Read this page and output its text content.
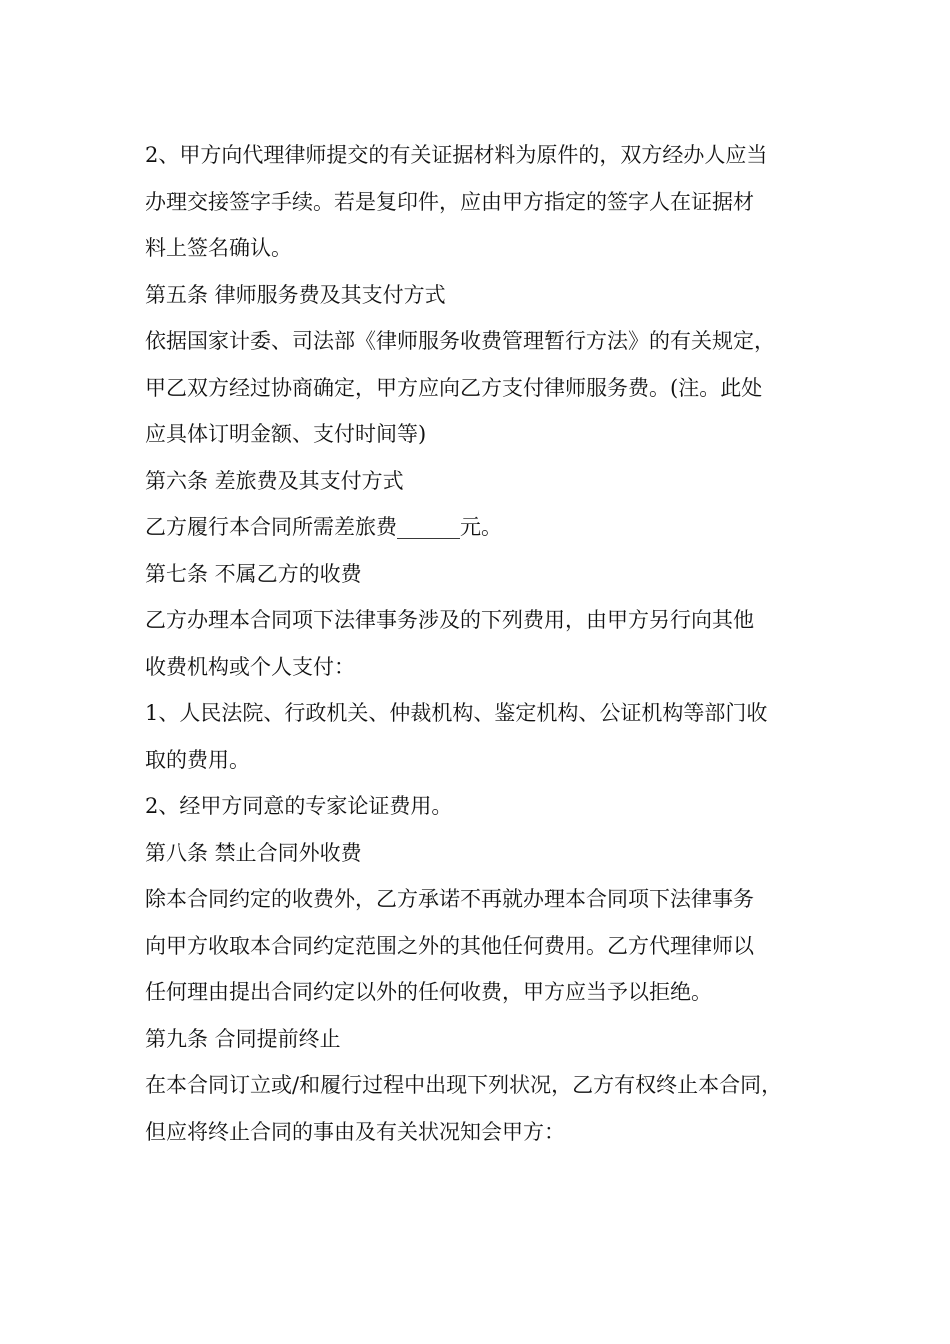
2、甲方向代理律师提交的有关证据材料为原件的，双方经办人应当
办理交接签字手续。若是复印件，应由甲方指定的签字人在证据材
料上签名确认。
第五条 律师服务费及其支付方式
依据国家计委、司法部《律师服务收费管理暂行方法》的有关规定，
甲乙双方经过协商确定，甲方应向乙方支付律师服务费。(注。此处
应具体订明金额、支付时间等)
第六条 差旅费及其支付方式
乙方履行本合同所需差旅费______元。
第七条 不属乙方的收费
乙方办理本合同项下法律事务涉及的下列费用，由甲方另行向其他
收费机构或个人支付：
1、人民法院、行政机关、仲裁机构、鉴定机构、公证机构等部门收
取的费用。
2、经甲方同意的专家论证费用。
第八条 禁止合同外收费
除本合同约定的收费外，乙方承诺不再就办理本合同项下法律事务
向甲方收取本合同约定范围之外的其他任何费用。乙方代理律师以
任何理由提出合同约定以外的任何收费，甲方应当予以拒绝。
第九条 合同提前终止
在本合同订立或/和履行过程中出现下列状况，乙方有权终止本合同，
但应将终止合同的事由及有关状况知会甲方：
